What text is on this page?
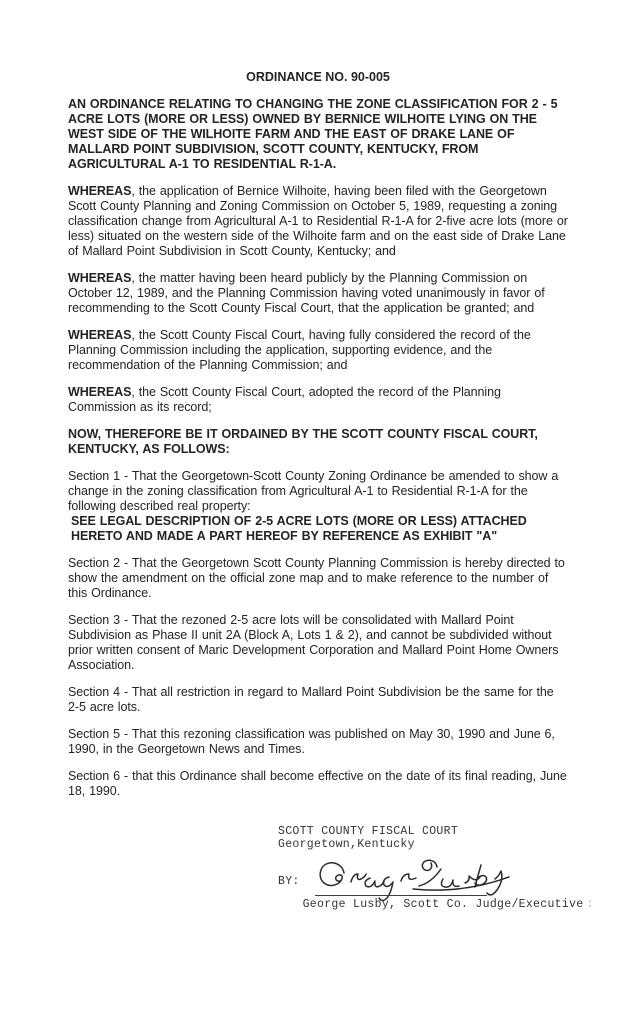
ORDINANCE NO. 90-005

AN ORDINANCE RELATING TO CHANGING THE ZONE CLASSIFICATION FOR 2 - 5 ACRE LOTS (MORE OR LESS) OWNED BY BERNICE WILHOITE LYING ON THE WEST SIDE OF THE WILHOITE FARM AND THE EAST OF DRAKE LANE OF MALLARD POINT SUBDIVISION, SCOTT COUNTY, KENTUCKY, FROM AGRICULTURAL A-1 TO RESIDENTIAL R-1-A.

WHEREAS, the application of Bernice Wilhoite, having been filed with the Georgetown Scott County Planning and Zoning Commission on October 5, 1989, requesting a zoning classification change from Agricultural A-1 to Residential R-1-A for 2-five acre lots (more or less) situated on the western side of the Wilhoite farm and on the east side of Drake Lane of Mallard Point Subdivision in Scott County, Kentucky; and

WHEREAS, the matter having been heard publicly by the Planning Commission on October 12, 1989, and the Planning Commission having voted unanimously in favor of recommending to the Scott County Fiscal Court, that the application be granted; and

WHEREAS, the Scott County Fiscal Court, having fully considered the record of the Planning Commission including the application, supporting evidence, and the recommendation of the Planning Commission; and

WHEREAS, the Scott County Fiscal Court, adopted the record of the Planning Commission as its record;

NOW, THEREFORE BE IT ORDAINED BY THE SCOTT COUNTY FISCAL COURT, KENTUCKY, AS FOLLOWS:

Section 1 - That the Georgetown-Scott County Zoning Ordinance be amended to show a change in the zoning classification from Agricultural A-1 to Residential R-1-A for the following described real property:
SEE LEGAL DESCRIPTION OF 2-5 ACRE LOTS (MORE OR LESS) ATTACHED HERETO AND MADE A PART HEREOF BY REFERENCE AS EXHIBIT "A"

Section 2 - That the Georgetown Scott County Planning Commission is hereby directed to show the amendment on the official zone map and to make reference to the number of this Ordinance.

Section 3 - That the rezoned 2-5 acre lots will be consolidated with Mallard Point Subdivision as Phase II unit 2A (Block A, Lots 1 & 2), and cannot be subdivided without prior written consent of Maric Development Corporation and Mallard Point Home Owners Association.

Section 4 - That all restriction in regard to Mallard Point Subdivision be the same for the 2-5 acre lots.

Section 5 - That this rezoning classification was published on May 30, 1990 and June 6, 1990, in the Georgetown News and Times.

Section 6 - that this Ordinance shall become effective on the date of its final reading, June 18, 1990.

SCOTT COUNTY FISCAL COURT
Georgetown,Kentucky
BY:
George Lusby, Scott Co. Judge/Executive :
